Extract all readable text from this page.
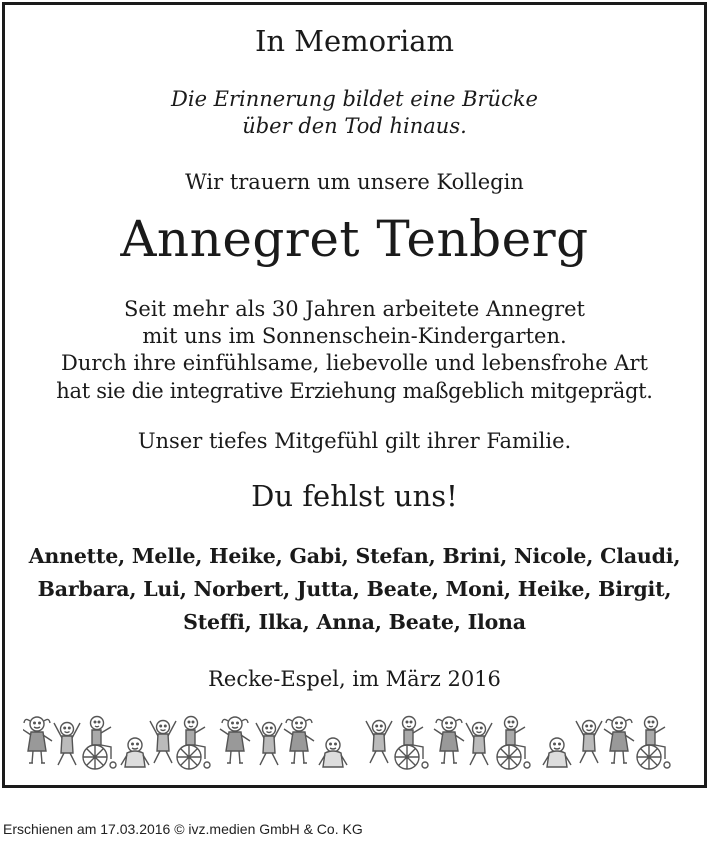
In Memoriam
Die Erinnerung bildet eine Brücke
über den Tod hinaus.
Wir trauern um unsere Kollegin
Annegret Tenberg
Seit mehr als 30 Jahren arbeitete Annegret
mit uns im Sonnenschein-Kindergarten.
Durch ihre einfühlsame, liebevolle und lebensfrohe Art
hat sie die integrative Erziehung maßgeblich mitgeprägt.
Unser tiefes Mitgefühl gilt ihrer Familie.
Du fehlst uns!
Annette, Melle, Heike, Gabi, Stefan, Brini, Nicole, Claudi,
Barbara, Lui, Norbert, Jutta, Beate, Moni, Heike, Birgit,
Steffi, Ilka, Anna, Beate, Ilona
Recke-Espel, im März 2016
Erschienen am 17.03.2016 © ivz.medien GmbH & Co. KG
